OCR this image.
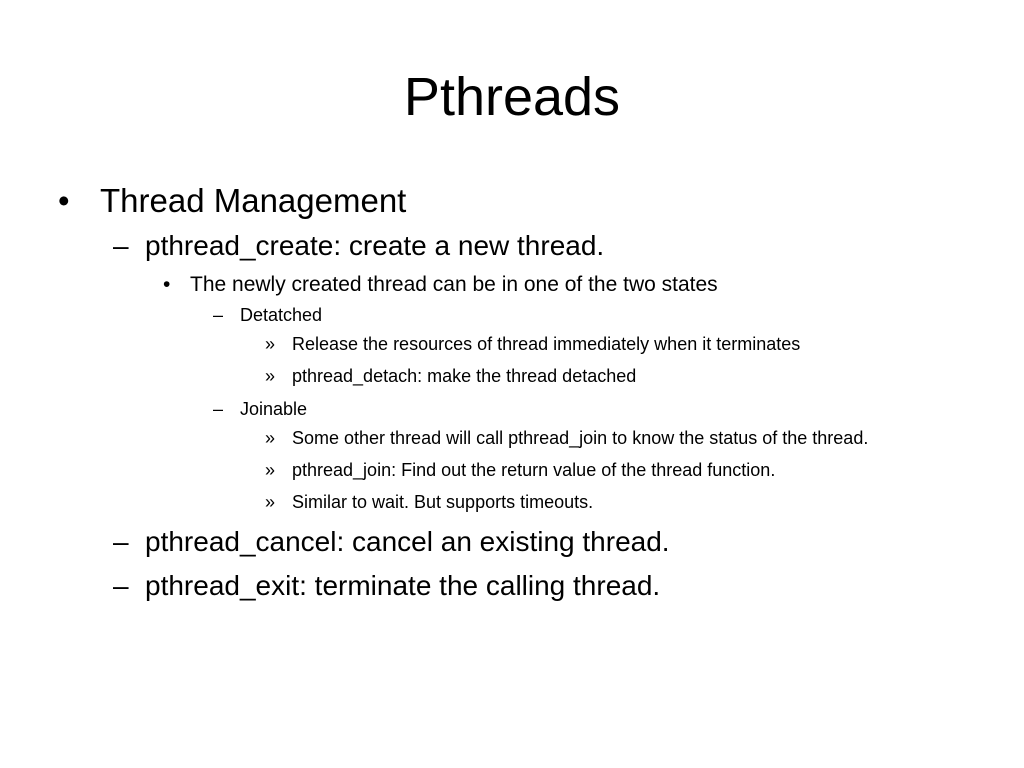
Pthreads
• Thread Management
– pthread_create: create a new thread.
• The newly created thread can be in one of the two states
– Detatched
» Release the resources of thread immediately when it terminates
» pthread_detach: make the thread detached
– Joinable
» Some other thread will call pthread_join to know the status of the thread.
» pthread_join: Find out the return value of the thread function.
» Similar to wait. But supports timeouts.
– pthread_cancel: cancel an existing thread.
– pthread_exit: terminate the calling thread.
